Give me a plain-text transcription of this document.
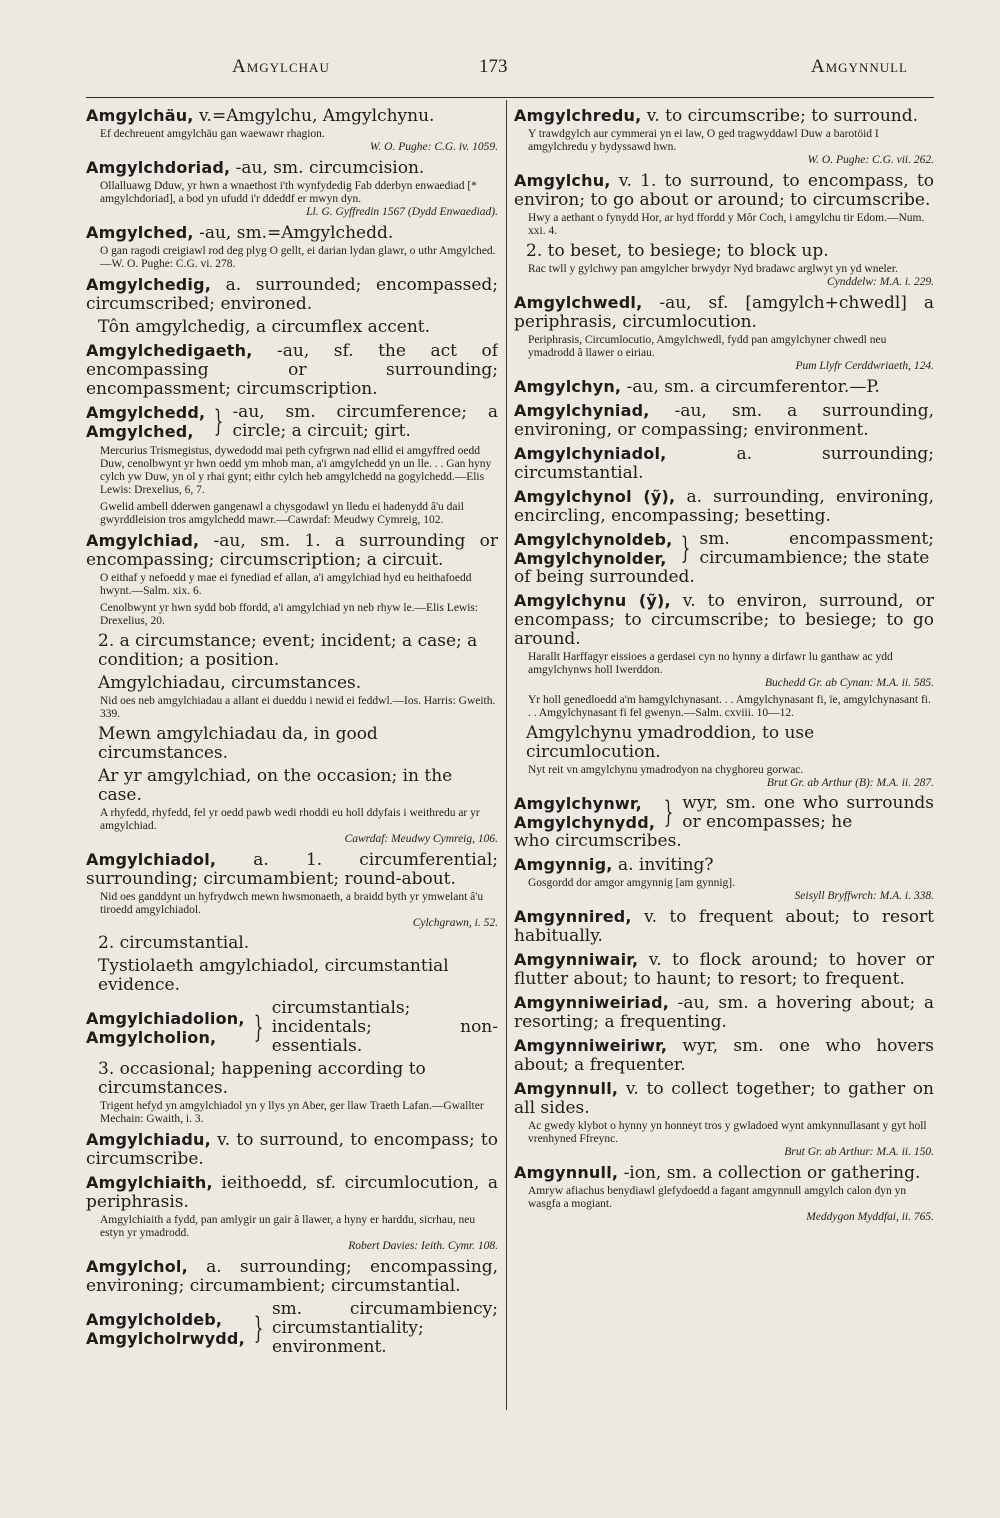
Amgylchau	173	Amgynnull
Amgylchäu, v.=Amgylchu, Amgylchynu.
Ef dechreuent amgylchäu gan waewawr rhagion.
W. O. Pughe: C.G. iv. 1059.
Amgylchdoriad, -au, sm. circumcision.
Ollalluawg Dduw, yr hwn a wnaethost i'th wynfydedig Fab dderbyn enwaediad [* amgylchdoriad], a bod yn ufudd i'r ddeddf er mwyn dyn.
Ll. G. Gyffredin 1567 (Dydd Enwaediad).
Amgylched, -au, sm.=Amgylchedd.
O gan ragodi creigiawl rod deg plyg O gellt, ei darian lydan glawr, o uthr Amgylched.—W. O. Pughe: C.G. vi. 278.
Amgylchedig, a. surrounded; encompassed; circumscribed; environed.
Tôn amgylchedig, a circumflex accent.
Amgylchedigaeth, -au, sf. the act of encompassing or surrounding; encompassment; circumscription.
Amgylchedd,
Amgylched, } -au, sm. circumference; a circle; a circuit; girt.
Mercurius Trismegistus, dywedodd mai peth cyfrgrwn nad ellid ei amgyffred oedd Duw, cenolbwynt yr hwn oedd ym mhob man, a'i amgylchedd yn un lle. . . Gan hyny cylch yw Duw, yn ol y rhai gynt; eithr cylch heb amgylchedd na gogylchedd.—Elis Lewis: Drexelius, 6, 7.
Gwelid ambell dderwen gangenawl a chysgodawl yn lledu ei hadenydd â'u dail gwyrddleision tros amgylchedd mawr.—Cawrdaf: Meudwy Cymreig, 102.
Amgylchiad, -au, sm. 1. a surrounding or encompassing; circumscription; a circuit.
O eithaf y nefoedd y mae ei fynediad ef allan, a'i amgylchiad hyd eu heithafoedd hwynt.—Salm. xix. 6.
Cenolbwynt yr hwn sydd bob ffordd, a'i amgylchiad yn neb rhyw le.—Elis Lewis: Drexelius, 20.
2. a circumstance; event; incident; a case; a condition; a position.
Amgylchiadau, circumstances.
Nid oes neb amgylchiadau a allant ei dueddu i newid ei feddwl.—Ios. Harris: Gweith. 339.
Mewn amgylchiadau da, in good circumstances.
Ar yr amgylchiad, on the occasion; in the case.
A rhyfedd, rhyfedd, fel yr oedd pawb wedi rhoddi eu holl ddyfais i weithredu ar yr amgylchiad.
Cawrdaf: Meudwy Cymreig, 106.
Amgylchiadol, a. 1. circumferential; surrounding; circumambient; round-about.
Nid oes ganddynt un hyfrydwch mewn hwsmonaeth, a braidd byth yr ymwelant â'u tiroedd amgylchiadol.
Cylchgrawn, i. 52.
2. circumstantial.
Tystiolaeth amgylchiadol, circumstantial evidence.
Amgylchiadolion,
Amgylcholion,	}
circumstantials; incidentals; non-essentials.
3. occasional; happening according to circumstances.
Trigent hefyd yn amgylchiadol yn y llys yn Aber, ger llaw Traeth Lafan.—Gwallter Mechain: Gwaith, i. 3.
Amgylchiadu, v. to surround, to encompass; to circumscribe.
Amgylchiaith, ieithoedd, sf. circumlocution, a periphrasis.
Amgylchiaith a fydd, pan amlygir un gair â llawer, a hyny er harddu, sicrhau, neu estyn yr ymadrodd.
Robert Davies: Ieith. Cymr. 108.
Amgylchol, a. surrounding; encompassing, environing; circumambient; circumstantial.
Amgylcholdeb,
Amgylcholrwydd, }
sm. circumambiency; circumstantiality; environment.
Amgylchredu, v. to circumscribe; to surround.
Y trawdgylch aur cymmerai yn ei law, O ged tragwyddawl Duw a barotöid I amgylchredu y bydyssawd hwn.
W. O. Pughe: C.G. vii. 262.
Amgylchu, v. 1. to surround, to encompass, to environ; to go about or around; to circumscribe.
Hwy a aethant o fynydd Hor, ar hyd ffordd y Môr Coch, i amgylchu tir Edom.—Num. xxi. 4.
2. to beset, to besiege; to block up.
Rac twll y gylchwy pan amgylcher brwydyr Nyd bradawc arglwyt yn yd wneler.
Cynddelw: M.A. i. 229.
Amgylchwedl, -au, sf. [amgylch+chwedl] a periphrasis, circumlocution.
Periphrasis, Circumlocutio, Amgylchwedl, fydd pan amgylchyner chwedl neu ymadrodd â llawer o eiriau.
Pum Llyfr Cerddwriaeth, 124.
Amgylchyn, -au, sm. a circumferentor.—P.
Amgylchyniad, -au, sm. a surrounding, environing, or compassing; environment.
Amgylchyniadol,	a. surrounding; circumstantial.
Amgylchynol (ỹ), a. surrounding, environing, encircling, encompassing; besetting.
Amgylchynoldeb,
Amgylchynolder, } sm. encompassment; circumambience; the state
of being surrounded.
Amgylchynu (ỹ), v. to environ, surround, or encompass; to circumscribe; to besiege; to go around.
Harallt Harffagyr eissioes a gerdasei cyn no hynny a dirfawr lu ganthaw ac ydd amgylchynws holl Iwerddon.
Buchedd Gr. ab Cynan: M.A. ii. 585.
Yr holl genedloedd a'm hamgylchynasant. . . Amgylchynasant fi, ïe, amgylchynasant fi. . . Amgylchynasant fi fel gwenyn.—Salm. cxviii. 10—12.
Amgylchynu ymadroddion, to use circumlocution.
Nyt reit vn amgylchynu ymadrodyon na chyghoreu gorwac.
Brut Gr. ab Arthur (B): M.A. ii. 287.
Amgylchynwr,
Amgylchynydd, } wyr, sm. one who surrounds or encompasses; he
who circumscribes.
Amgynnig, a. inviting?
Gosgordd dor amgor amgynnig [am gynnig].
Seisyll Bryffwrch: M.A. i. 338.
Amgynnired, v. to frequent about; to resort habitually.
Amgynniwair, v. to flock around; to hover or flutter about; to haunt; to resort; to frequent.
Amgynniweiriad, -au, sm. a hovering about; a resorting; a frequenting.
Amgynniweiriwr, wyr, sm. one who hovers about; a frequenter.
Amgynnull, v. to collect together; to gather on all sides.
Ac gwedy klybot o hynny yn honneyt tros y gwladoed wynt amkynnullasant y gyt holl vrenhyned Ffreync.
Brut Gr. ab Arthur: M.A. ii. 150.
Amgynnull, -ion, sm. a collection or gathering.
Amryw afiachus benydiawl glefydoedd a fagant amgynnull amgylch calon dyn yn wasgfa a mogiant.
Meddygon Myddfai, ii. 765.
